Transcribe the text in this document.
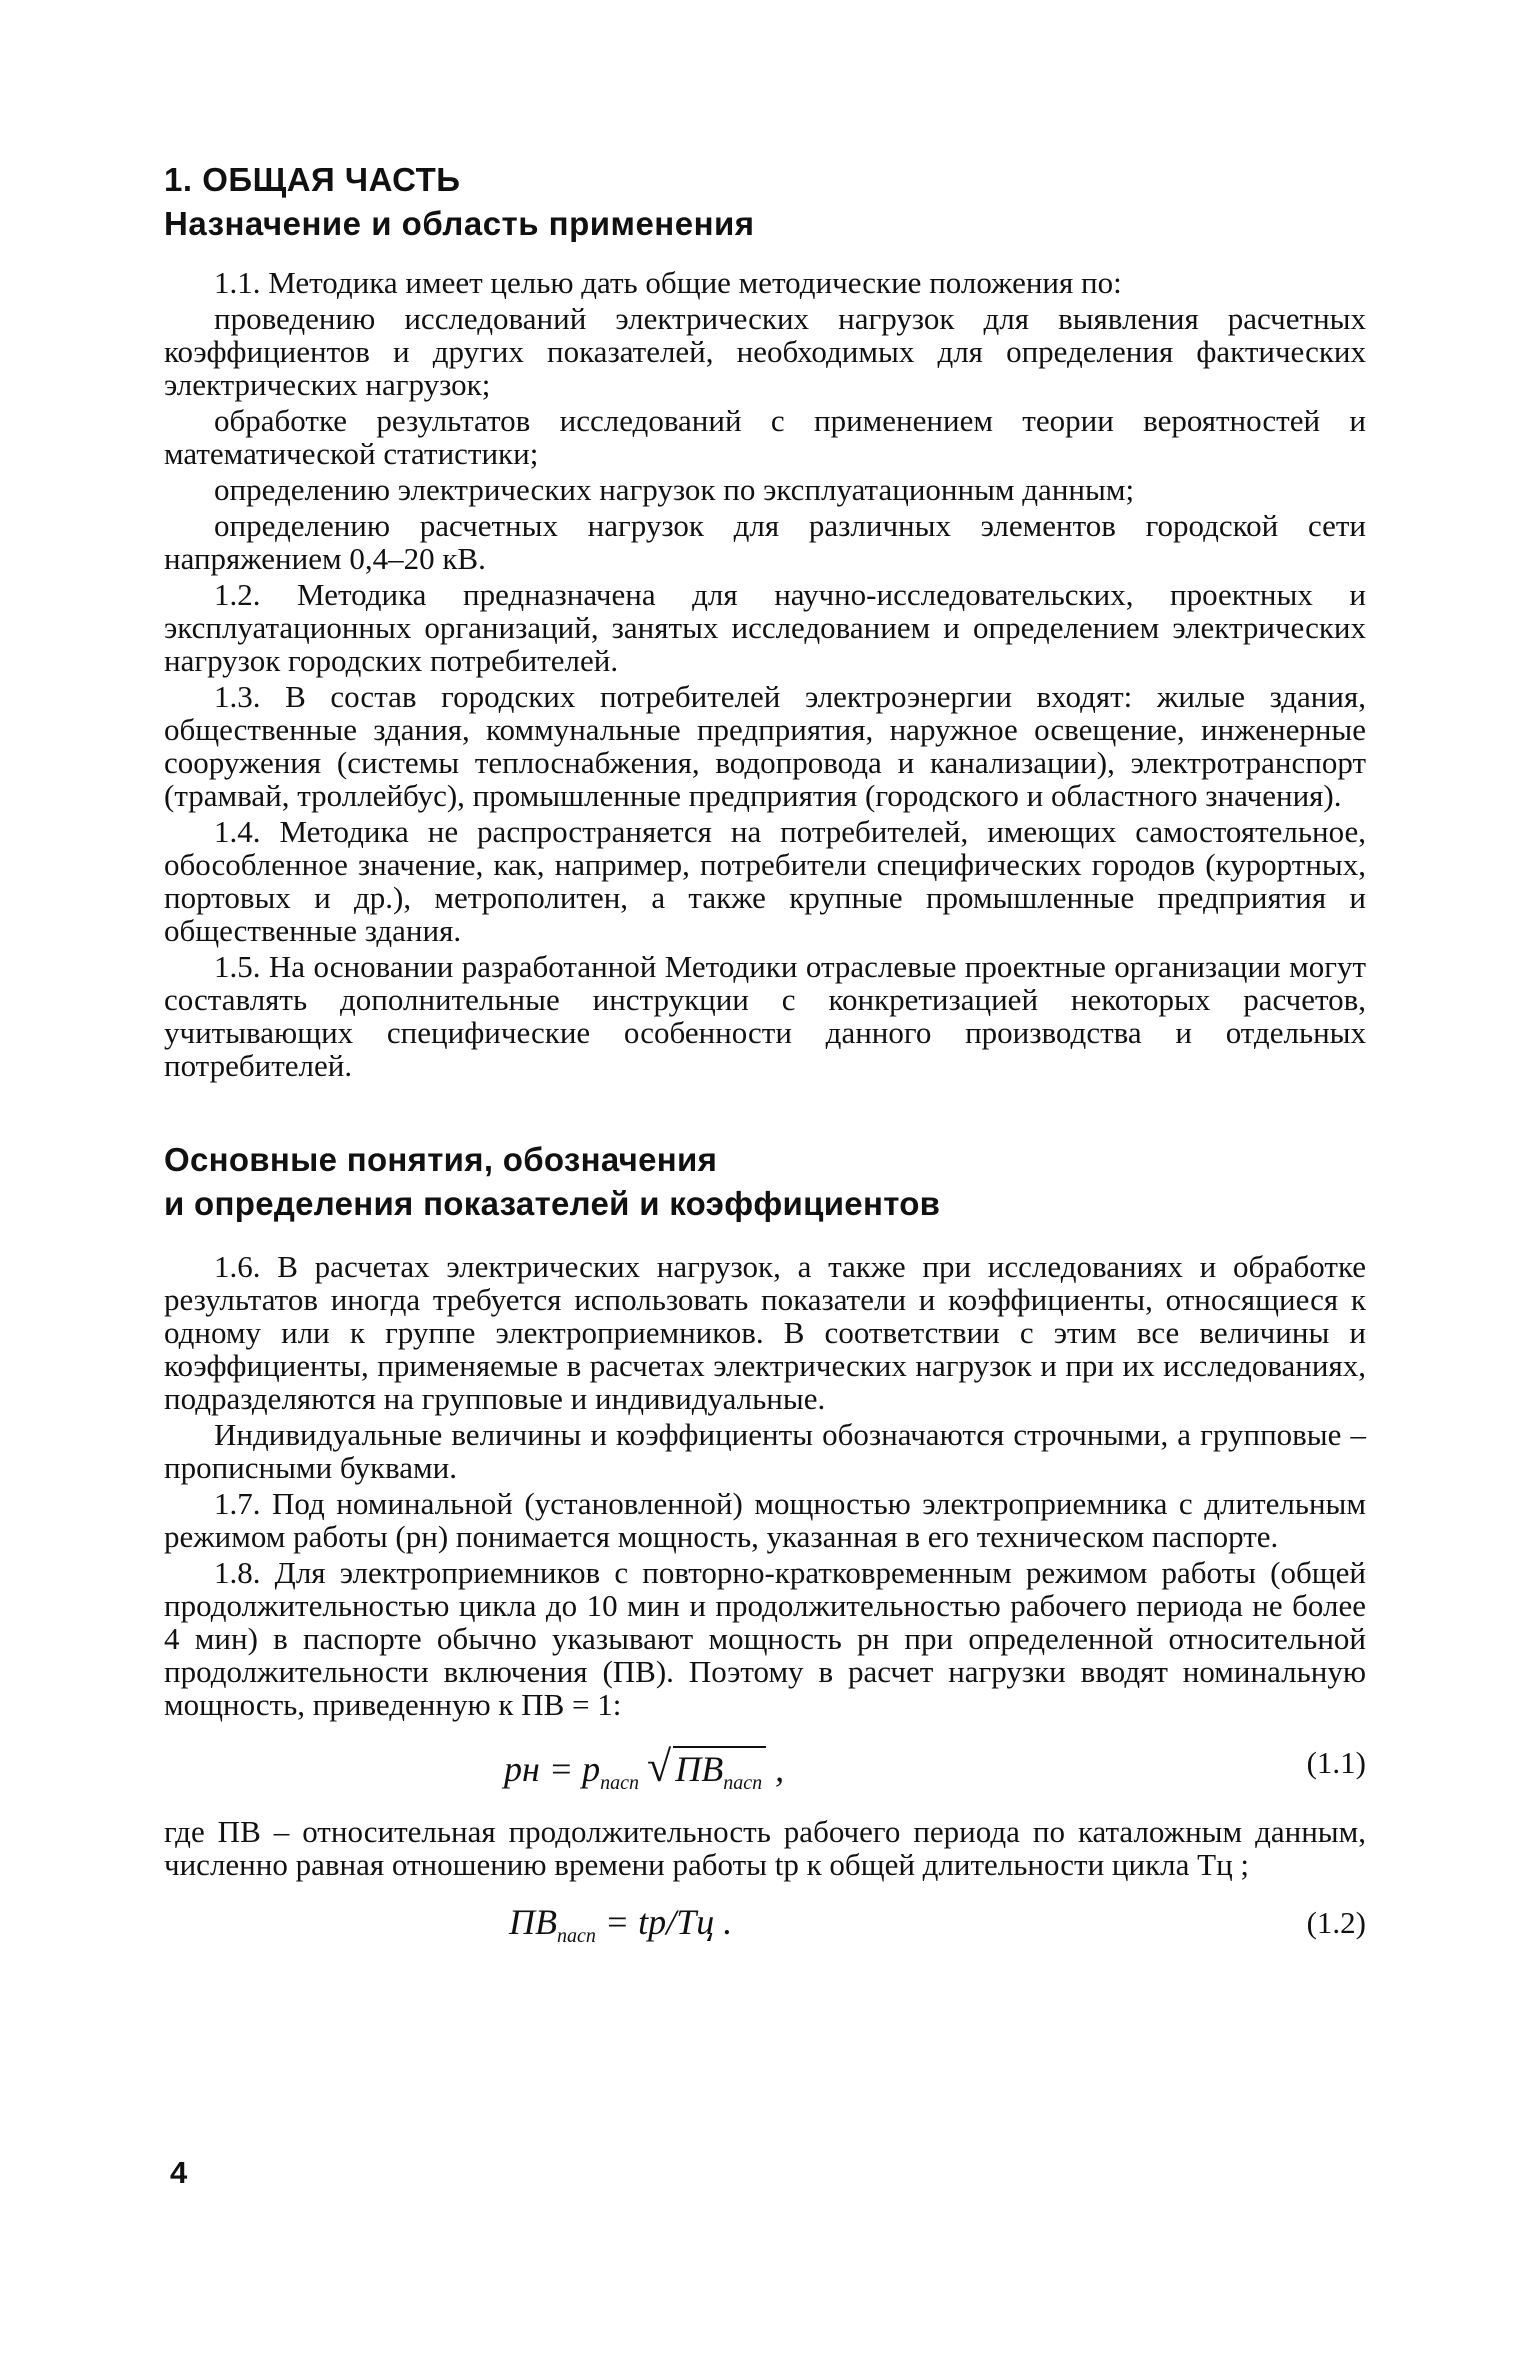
1. ОБЩАЯ ЧАСТЬ
Назначение и область применения

1.1. Методика имеет целью дать общие методические положения по:

проведению исследований электрических нагрузок для выявления расчетных коэффициентов и других показателей, необходимых для определения фактических электрических нагрузок;

обработке результатов исследований с применением теории вероятностей и математической статистики;

определению электрических нагрузок по эксплуатационным данным;

определению расчетных нагрузок для различных элементов городской сети напряжением 0,4–20 кВ.

1.2. Методика предназначена для научно-исследовательских, проектных и эксплуатационных организаций, занятых исследованием и определением электрических нагрузок городских потребителей.

1.3. В состав городских потребителей электроэнергии входят: жилые здания, общественные здания, коммунальные предприятия, наружное освещение, инженерные сооружения (системы теплоснабжения, водопровода и канализации), электротранспорт (трамвай, троллейбус), промышленные предприятия (городского и областного значения).

1.4. Методика не распространяется на потребителей, имеющих самостоятельное, обособленное значение, как, например, потребители специфических городов (курортных, портовых и др.), метрополитен, а также крупные промышленные предприятия и общественные здания.

1.5. На основании разработанной Методики отраслевые проектные организации могут составлять дополнительные инструкции с конкретизацией некоторых расчетов, учитывающих специфические особенности данного производства и отдельных потребителей.

Основные понятия, обозначения
и определения показателей и коэффициентов

1.6. В расчетах электрических нагрузок, а также при исследованиях и обработке результатов иногда требуется использовать показатели и коэффициенты, относящиеся к одному или к группе электроприемников. В соответствии с этим все величины и коэффициенты, применяемые в расчетах электрических нагрузок и при их исследованиях, подразделяются на групповые и индивидуальные.

Индивидуальные величины и коэффициенты обозначаются строчными, а групповые – прописными буквами.

1.7. Под номинальной (установленной) мощностью электроприемника с длительным режимом работы (pн) понимается мощность, указанная в его техническом паспорте.

1.8. Для электроприемников с повторно-кратковременным режимом работы (общей продолжительностью цикла до 10 мин и продолжительностью рабочего периода не более 4 мин) в паспорте обычно указывают мощность pн при определенной относительной продолжительности включения (ПВ). Поэтому в расчет нагрузки вводят номинальную мощность, приведенную к ПВ = 1:

pн = $p_{пасп}$ √ $ПВ_{пасп}$ ,	(1.1)

где ПВ – относительная продолжительность рабочего периода по каталожным данным, численно равная отношению времени работы tр к общей длительности цикла Tц ;

$ПВ_{пасп} = tр/Tц$ .	(1.2)
4
